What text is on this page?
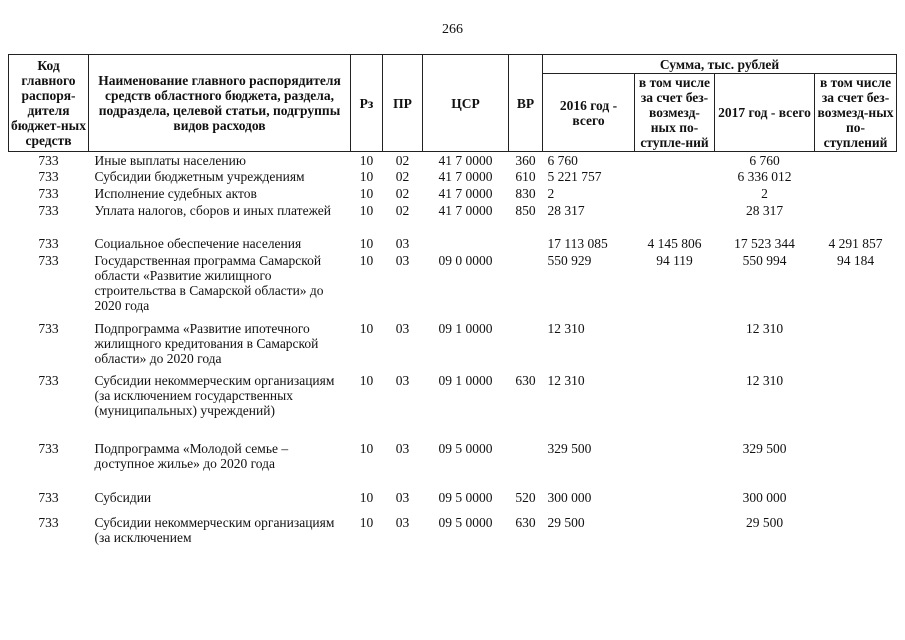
266
Код главного распоря-дителя бюджет-ных средств	Наименование главного распорядителя средств областного бюджета, раздела, подраздела, целевой статьи, подгруппы видов расходов	Рз	ПР	ЦСР	ВР	Сумма, тыс. рублей			
						2016 год - всего	в том числе за счет без-возмезд-ных по-ступле-ний	2017 год - всего	в том числе за счет без-возмезд-ных по-ступлений
733	Иные выплаты населению	10	02	41 7 0000	360	6 760		6 760	
733	Субсидии бюджетным учреждениям	10	02	41 7 0000	610	5 221 757		6 336 012	
733	Исполнение судебных актов	10	02	41 7 0000	830	2		2	
733	Уплата налогов, сборов и иных платежей	10	02	41 7 0000	850	28 317		28 317	
733	Социальное обеспечение населения	10	03			17 113 085	4 145 806	17 523 344	4 291 857
733	Государственная программа Самарской области «Развитие жилищного строительства в Самарской области» до 2020 года	10	03	09 0 0000		550 929	94 119	550 994	94 184
733	Подпрограмма «Развитие ипотечного жилищного кредитования в Самарской области» до 2020 года	10	03	09 1 0000		12 310		12 310	
733	Субсидии некоммерческим организациям (за исключением государственных (муниципальных) учреждений)	10	03	09 1 0000	630	12 310		12 310	
733	Подпрограмма «Молодой семье – доступное жилье» до 2020 года	10	03	09 5 0000		329 500		329 500	
733	Субсидии	10	03	09 5 0000	520	300 000		300 000	
733	Субсидии некоммерческим организациям (за исключением	10	03	09 5 0000	630	29 500		29 500	
